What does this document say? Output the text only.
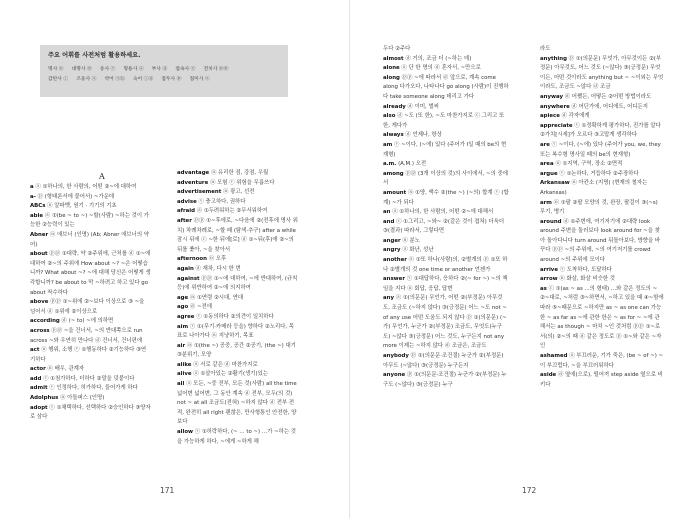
주요 어휘를 사전처럼 활용하세요.
명사 ⓝ 대명사 ⓟ 동사 ⓥ 형용사 ⓐ 부사 ⓓ 접속사 ⓒ 전치사 ⓟⓟ
감탄사 ⓘ 조동사 ⓐ 약어 ⓐⓑ 숙어 ⓘⓓ 접두사 ⓟ 접미사 ⓢ
A

a ⓐ ①하나의, 한 사람의, 어떤 ②~에 대하여

a- ⓟ (형태론서에 붙어서) ~가운데

ABCs ⓝ 알파벳, 원기 · 기기의 기초

able ⓐ ①(be ~ to ~) ~할(사람) ~하는 것이 가능한 ②능력이 있는

Abner ⓝ 애브너 (인명) (Ab; Abner 애브너의 약어)

about ⓟⓟ ①대략, 약 ②주위에, 근처를 ⓓ ①~에 대하여 ②~의 주위에 How about ~? ~은 어떻습니까? What about ~? ~에 대해 당신은 어떻게 생각합니까? be about to 막 ~하려고 하고 있다 go about 착수하다

above ⓟⓟ ①~위에 ②~보다 이상으로 ③ ~을 넘어서 ⓓ ①위에 ②이상으로

according ⓓ (~ to) ~에 의하면

across ⓟⓟ ~을 건너서, ~의 반대쪽으로 run across ~와 우연히 만나다 ⓓ 건너서, 건너편에

act ⓝ 행위, 소행 ⓥ ①행동하다 ②기능하다 ③연기하다

actor ⓝ 배우, 관계자

add ⓥ ①첨가하다, 더하다 ②말을 덧붙이다

admit ⓥ 인정하다, 허가하다, 들어가게 하다

Adolphus ⓝ 아돌퍼스 (인명)

adopt ⓥ ①채택하다, 선택하다 ②승인하다 ③양자로 삼다

advantage ⓝ 유리한 점, 강점, 우월

adventure ⓝ 모험 ⓥ 위험을 무릅쓰다

advertisement ⓝ 광고, 선전

advise ⓥ 충고하다, 권하다

afraid ⓐ ①두려워하는 ②무서워하여

after ⓟⓟ ①~후에로, ~다음에 ②(전후에 명사 위치) 차례차례로, ~할 때 (탐색·추구) after a while 잠시 뒤에 ⓒ ~한 뒤에[로] ⓓ ①~뒤(후)에 ②~의 뒤를 좇아, ~을 찾아서

afternoon ⓝ 오후

again ⓓ 재차, 다시 한 번

against ⓟⓟ ①~에 대하여, ~에 반대하여, (규칙 등)에 위반하여 ②~에 의지하여

age ⓝ ①연령 ②시대, 연대

ago ⓓ ~전에

agree ⓥ ①동의하다 ②의견이 일치하다

aim ⓥ ①(무기·카메라 등을) 향하다 ②노리다, 목표로 나아가다 ⓝ 지냥하기, 목표

air ⓝ ①(the ~) 공중, 공간 ②공기, (the ~) 대기 ③분위기, 모양

alike ⓐ 서로 같은 ⓓ 마찬가지로

alive ⓐ ①살아있는 ②활기(생기)있는

all ⓐ 모든, ~중 전부, 모든 것(사람) all the time 넓어변 넓어변, 그 동안 계속 ⓓ 전부, 모두(의 것) not ~ at all 조금도(전혀) ~하지 않다 ⓓ 전부 전적, 완전히 all right 괜찮은, 만사형통인 안전한, 양보다

allow ⓥ ①허락하다, (~ … to ~) …가 ~하는 것을 가능하게 하다, ~에게 ~하게 해

171

두다 ②주다

almost ⓓ 거의, 조금 더 (~하는 데)

alone ⓐ 단 한 명의 ⓓ 혼자서, ~만으로

along ⓟⓟ ~에 따라서 ⓓ 앞으로, 계속 come along 다가오다, 나타나다 go along (사람)이 진행하다 take someone along 데리고 가다

already ⓓ 이미, 벌써

also ⓓ ~도 (또 한), ~도 마찬가지로 ⓒ 그리고 또한, 게다가

always ⓓ 언제나, 항상

am ⓥ ~이다, (~에) 있다 (주어가 I일 때의 be의 현재형)

a.m. (A.M.) 오전

among ⓟⓟ (3개 이상의 것)의 사이에서, ~의 중에서

amount ⓝ ①양, 액수 ②(the ~) (~의) 합계 ⓥ (합계) ~가 되다

an ⓐ ①하나의, 한 사람의, 어떤 ②~에 대해서

and ⓒ ①그리고, ~와~ ②(같은 것이 겹쳐) 더욱더 ③(결과) 따라서, 그렇다면

anger ⓝ 분노

angry ⓐ 화난, 성난

another ⓐ ①또 하나(사람)의, ②별개의 ⓟ ①또 하나 ②별개의 것 one time or another 언젠가

answer ⓥ ①대답하다, 응하다 ②(~ for ~) ~의 책임을 지다 ⓝ 회답, 응답, 답변

any ⓐ ①(의문문) 무언가, 어떤 ②(부정문) 아무것도, 조금도 (~하지 않다) ③(긍정문) 어느 ~도 not ~ of any use 어떤 도움도 되지 않다 ⓟ ①(의문문) (~가) 무언가, 누군가 ②(부정문) 조금도, 무엇도(누구도) ~않다 ③(긍정문) 어느 것도, 누구든지 not any more 이제는 ~하지 않다 ⓓ 조금은, 조금도

anybody ⓟ ①(의문문·조건절) 누군가 ②(부정문) 아무도 (~않다) ③(긍정문) 누구든지

anyone ⓟ ①(의문문·조건절) 누군가 ②(부정문) 누구도 (~않다) ③(긍정문) 누구

라도

anything ⓟ ①(의문문) 무엇가, 아무것이든 ②(부정문) 아무것도, 어느 것도 (~않다) ③(긍정문) 무엇이든, 어떤 것이라도 anything but ~ ~이외는 무엇이라도, 조금도 ~않다 ⓓ 조금

anyway ⓓ 어쨌든, 어떻든 ②어떤 방법이라도

anywhere ⓓ 어딘가에, 어디에도, 어디든지

apiece ⓓ 각자에게

appreciate ⓥ ①정확하게 평가하다, 진가를 알다 ②가치[시세]가 오르다 ③고맙게 생각하다

are ⓥ ~이다, (~에) 있다 (주어가 you, we, they 또는 복수형 명사일 때의 be의 현재형)

area ⓝ ①지역, 구역, 장소 ②면적

argue ⓥ ①논하다, 거듭하다 ②주장하다

Arkansaw ⓝ 아칸소 (지명) (현재의 철자는 Arkansas)

arm ⓝ ①팔 ②팔 모양의 것, 완장, 팔걸이 ③(~s) 무기, 병기

around ⓓ ①주변에, 여기저기에 ②대략 look around 주변을 둘러보다 look around for ~을 찾아 돌아다니다 turn around 뒤돌아보다, 방향을 바꾸다 ⓟⓟ ~의 주위에, ~의 여기저기를 crowd around ~의 주위에 모이다

arrive ⓥ 도착하다, 도달하다

arrow ⓝ 화살, 화살 비슷한 것

as ⓒ ①(as ~ as ...의 형태) …와 같은 정도의 ~ ②~대로, ~처럼 ③~하면서, ~하고 있을 때 ④~함에 따라 ⑤~때문으로 ~하지만 as ~ as one can 가능한 ~ as far as ~에 관한 한은 ~ as for ~ ~에 관해서는 as though ~ 마치 ~인 것처럼 ⓟⓟ ①~로서(의) ②~의 때 ⓓ 같은 정도로 ⓟ ①~와 같은 ~자인

ashamed ⓐ 부끄러운, 기가 죽은, (be ~ of ~) ~이 부끄럽다, ~을 부끄러워하다

aside ⓓ 옆에(으로), 떨어져 step aside 옆으로 비키다

172
